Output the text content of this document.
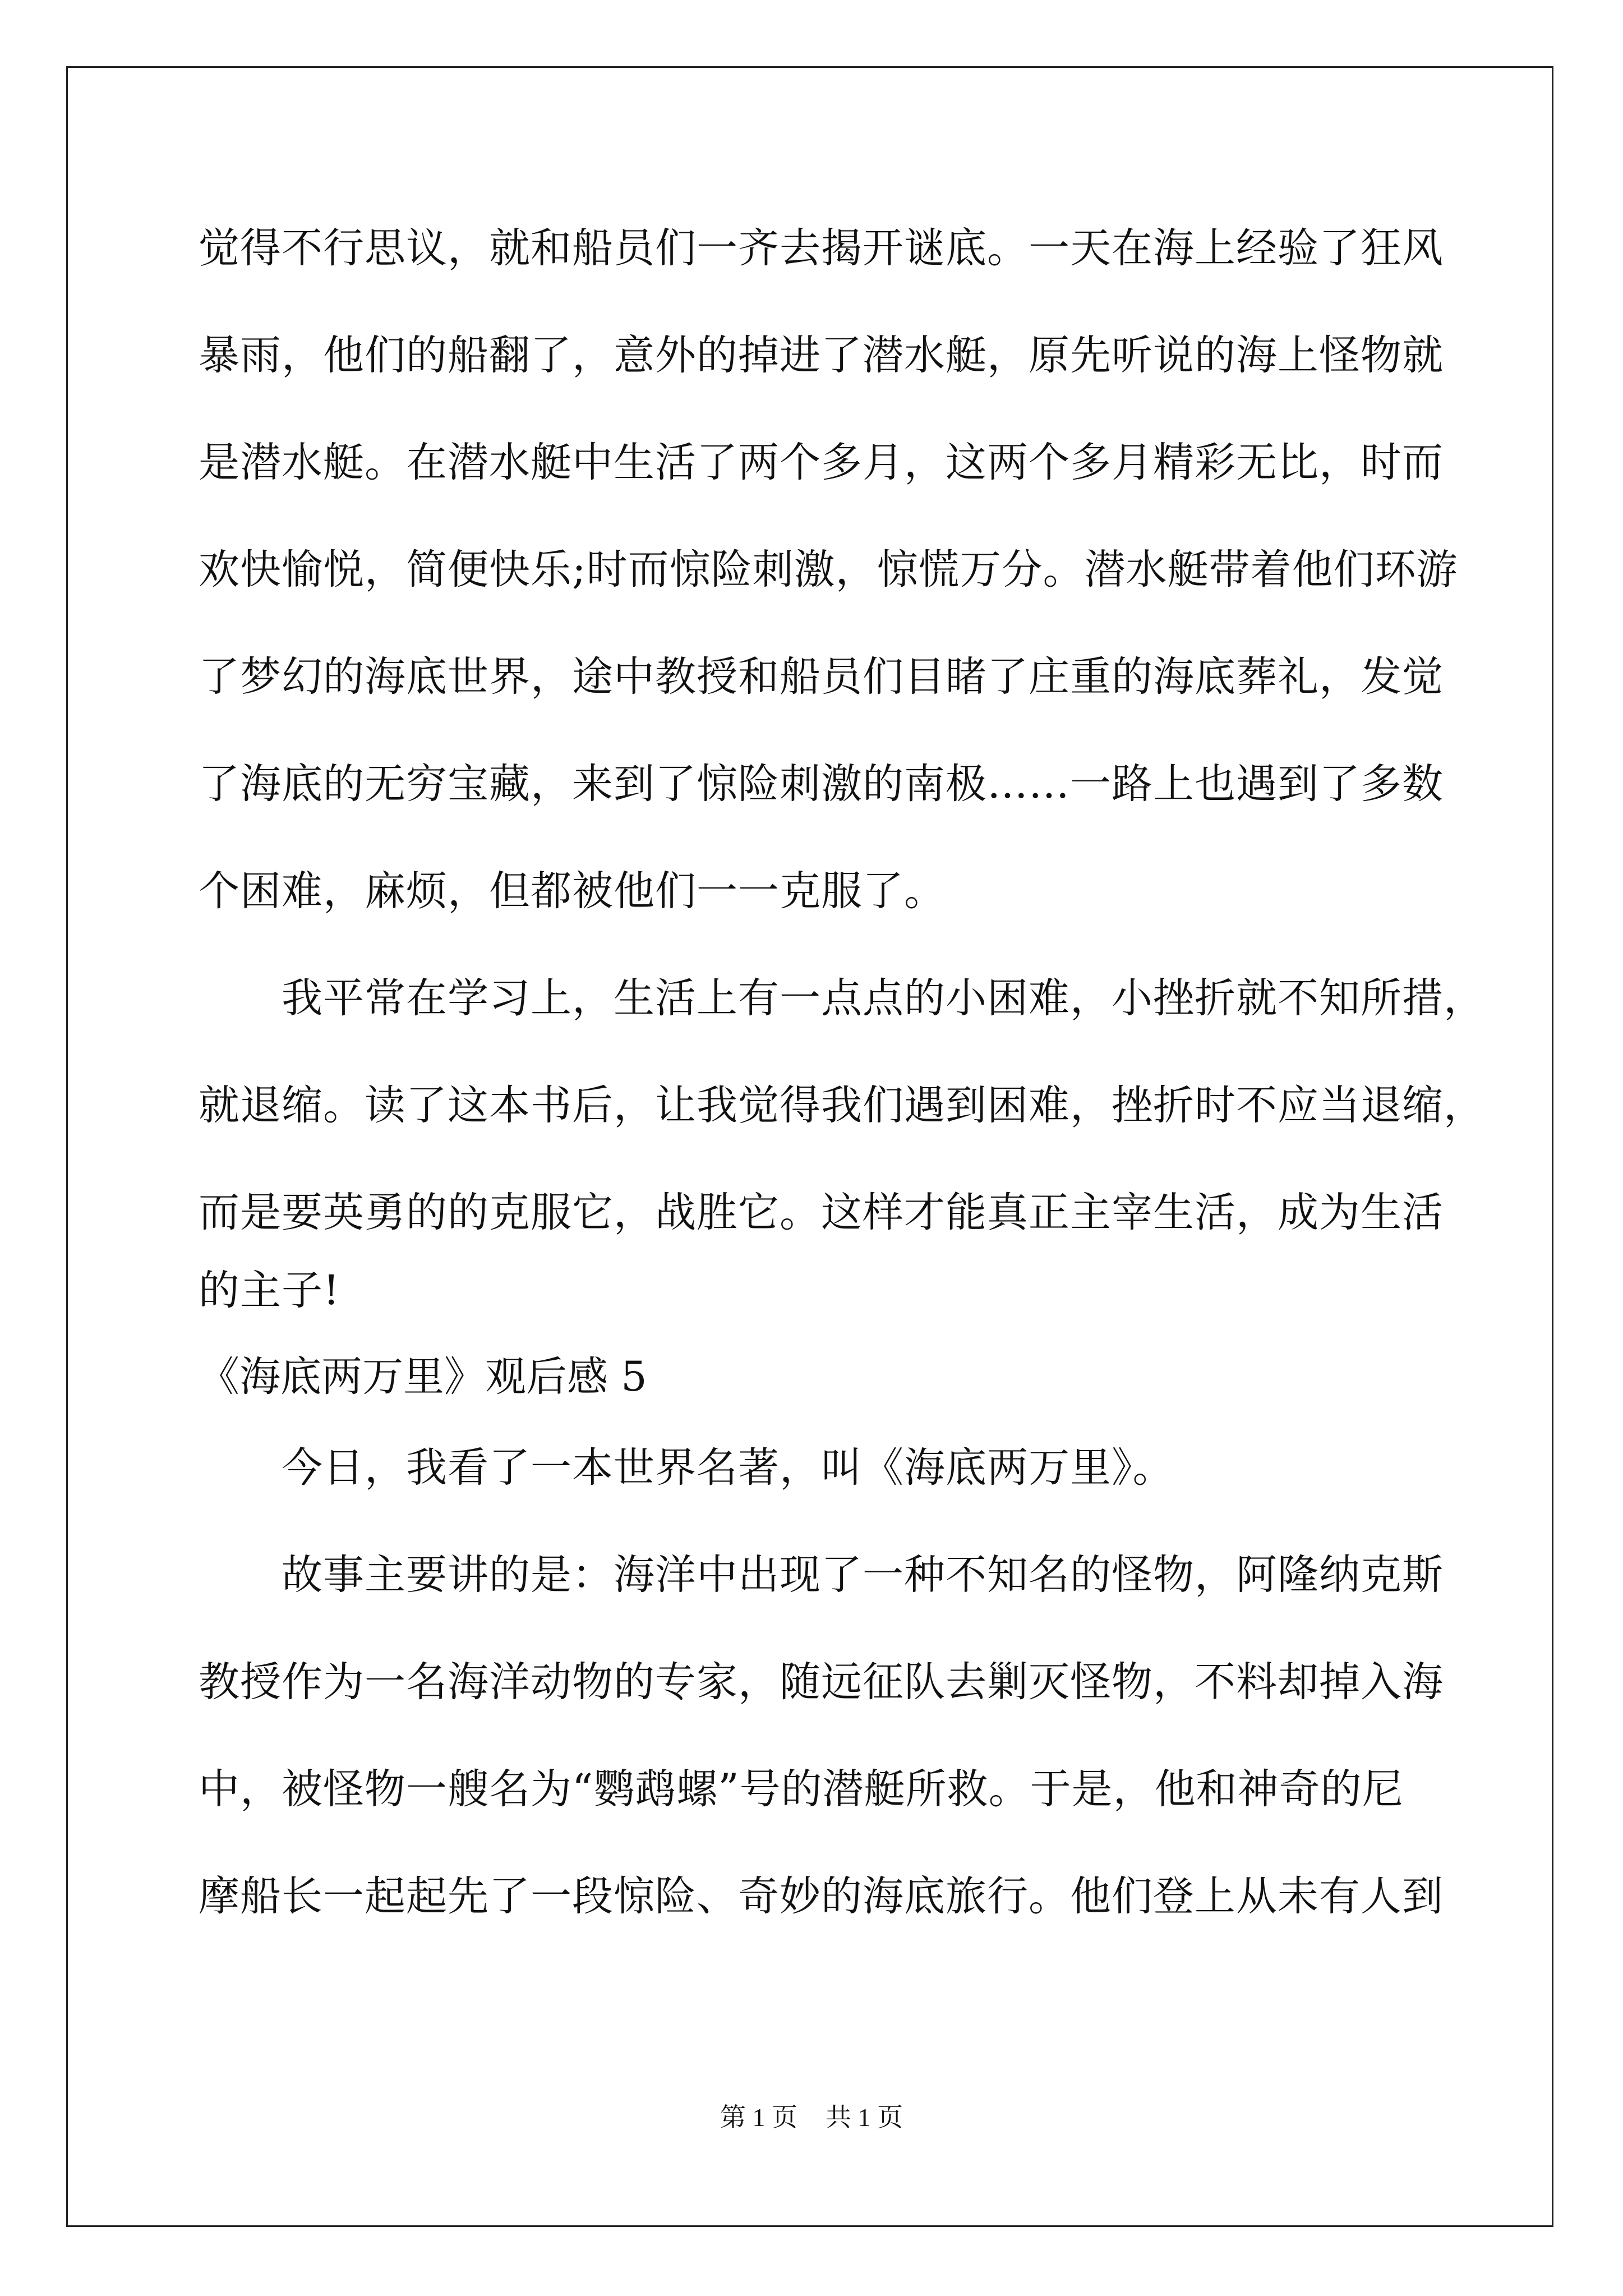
觉得不行思议，就和船员们一齐去揭开谜底。一天在海上经验了狂风
暴雨，他们的船翻了，意外的掉进了潜水艇，原先听说的海上怪物就
是潜水艇。在潜水艇中生活了两个多月，这两个多月精彩无比，时而
欢快愉悦，简便快乐;时而惊险刺激，惊慌万分。潜水艇带着他们环游
了梦幻的海底世界，途中教授和船员们目睹了庄重的海底葬礼，发觉
了海底的无穷宝藏，来到了惊险刺激的南极……一路上也遇到了多数
个困难，麻烦，但都被他们一一克服了。
我平常在学习上，生活上有一点点的小困难，小挫折就不知所措，
就退缩。读了这本书后，让我觉得我们遇到困难，挫折时不应当退缩，
而是要英勇的的克服它，战胜它。这样才能真正主宰生活，成为生活
的主子!
《海底两万里》观后感 5
今日，我看了一本世界名著，叫《海底两万里》。
故事主要讲的是：海洋中出现了一种不知名的怪物，阿隆纳克斯
教授作为一名海洋动物的专家，随远征队去剿灭怪物，不料却掉入海
中，被怪物一艘名为“鹦鹉螺”号的潜艇所救。于是，他和神奇的尼
摩船长一起起先了一段惊险、奇妙的海底旅行。他们登上从未有人到
第 1 页 共 1 页
